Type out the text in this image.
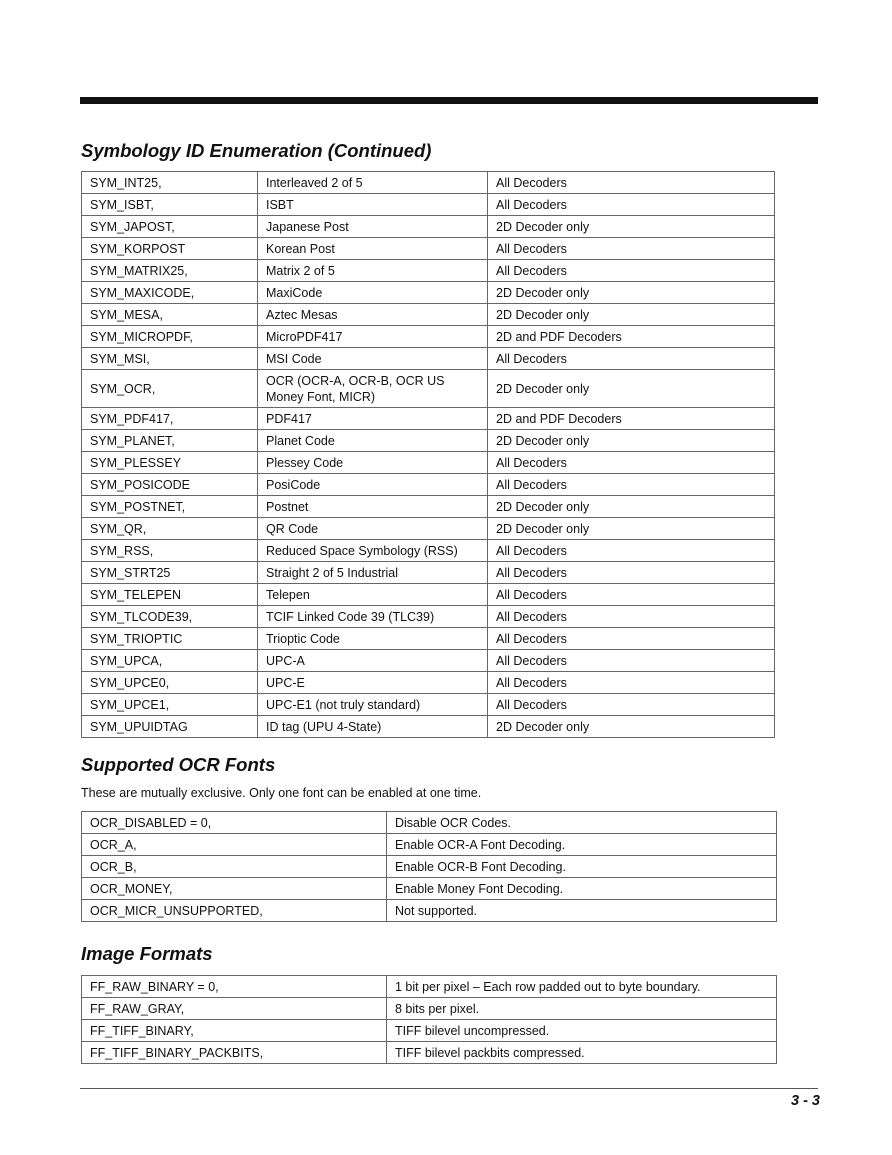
Symbology ID Enumeration (Continued)
SYM_INT25,	Interleaved 2 of 5	All Decoders
SYM_ISBT,	ISBT	All Decoders
SYM_JAPOST,	Japanese Post	2D Decoder only
SYM_KORPOST	Korean Post	All Decoders
SYM_MATRIX25,	Matrix 2 of 5	All Decoders
SYM_MAXICODE,	MaxiCode	2D Decoder only
SYM_MESA,	Aztec Mesas	2D Decoder only
SYM_MICROPDF,	MicroPDF417	2D and PDF Decoders
SYM_MSI,	MSI Code	All Decoders
SYM_OCR,	OCR (OCR-A, OCR-B, OCR US Money Font, MICR)	2D Decoder only
SYM_PDF417,	PDF417	2D and PDF Decoders
SYM_PLANET,	Planet Code	2D Decoder only
SYM_PLESSEY	Plessey Code	All Decoders
SYM_POSICODE	PosiCode	All Decoders
SYM_POSTNET,	Postnet	2D Decoder only
SYM_QR,	QR Code	2D Decoder only
SYM_RSS,	Reduced Space Symbology (RSS)	All Decoders
SYM_STRT25	Straight 2 of 5 Industrial	All Decoders
SYM_TELEPEN	Telepen	All Decoders
SYM_TLCODE39,	TCIF Linked Code 39 (TLC39)	All Decoders
SYM_TRIOPTIC	Trioptic Code	All Decoders
SYM_UPCA,	UPC-A	All Decoders
SYM_UPCE0,	UPC-E	All Decoders
SYM_UPCE1,	UPC-E1 (not truly standard)	All Decoders
SYM_UPUIDTAG	ID tag (UPU 4-State)	2D Decoder only
Supported OCR Fonts

These are mutually exclusive. Only one font can be enabled at one time.

OCR_DISABLED = 0,	Disable OCR Codes.
OCR_A,	Enable OCR-A Font Decoding.
OCR_B,	Enable OCR-B Font Decoding.
OCR_MONEY,	Enable Money Font Decoding.
OCR_MICR_UNSUPPORTED,	Not supported.
Image Formats
FF_RAW_BINARY = 0,	1 bit per pixel – Each row padded out to byte boundary.
FF_RAW_GRAY,	8 bits per pixel.
FF_TIFF_BINARY,	TIFF bilevel uncompressed.
FF_TIFF_BINARY_PACKBITS,	TIFF bilevel packbits compressed.

3 - 3
